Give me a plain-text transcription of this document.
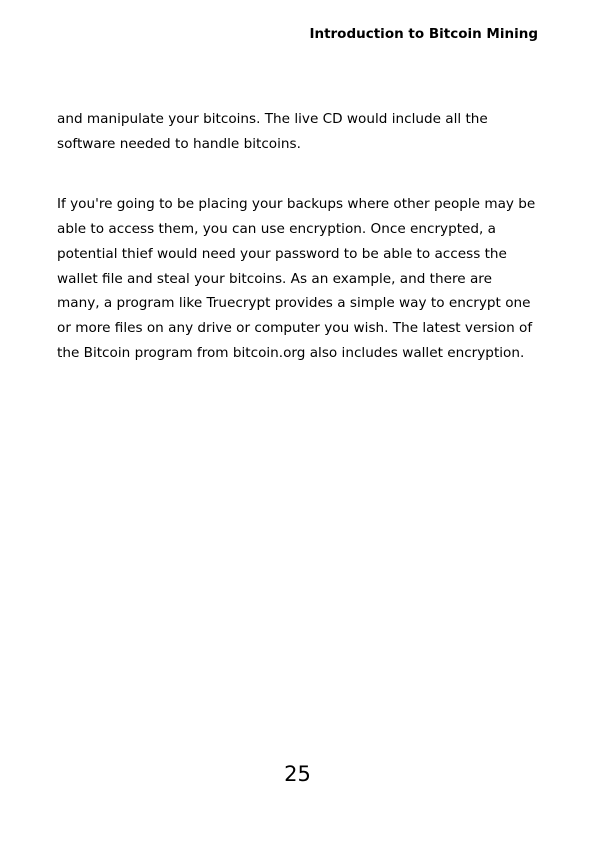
Introduction to Bitcoin Mining

and manipulate your bitcoins. The live CD would include all the software needed to handle bitcoins.

If you're going to be placing your backups where other people may be able to access them, you can use encryption. Once encrypted, a potential thief would need your password to be able to access the wallet file and steal your bitcoins. As an example, and there are many, a program like Truecrypt provides a simple way to encrypt one or more files on any drive or computer you wish. The latest version of the Bitcoin program from bitcoin.org also includes wallet encryption.

25
